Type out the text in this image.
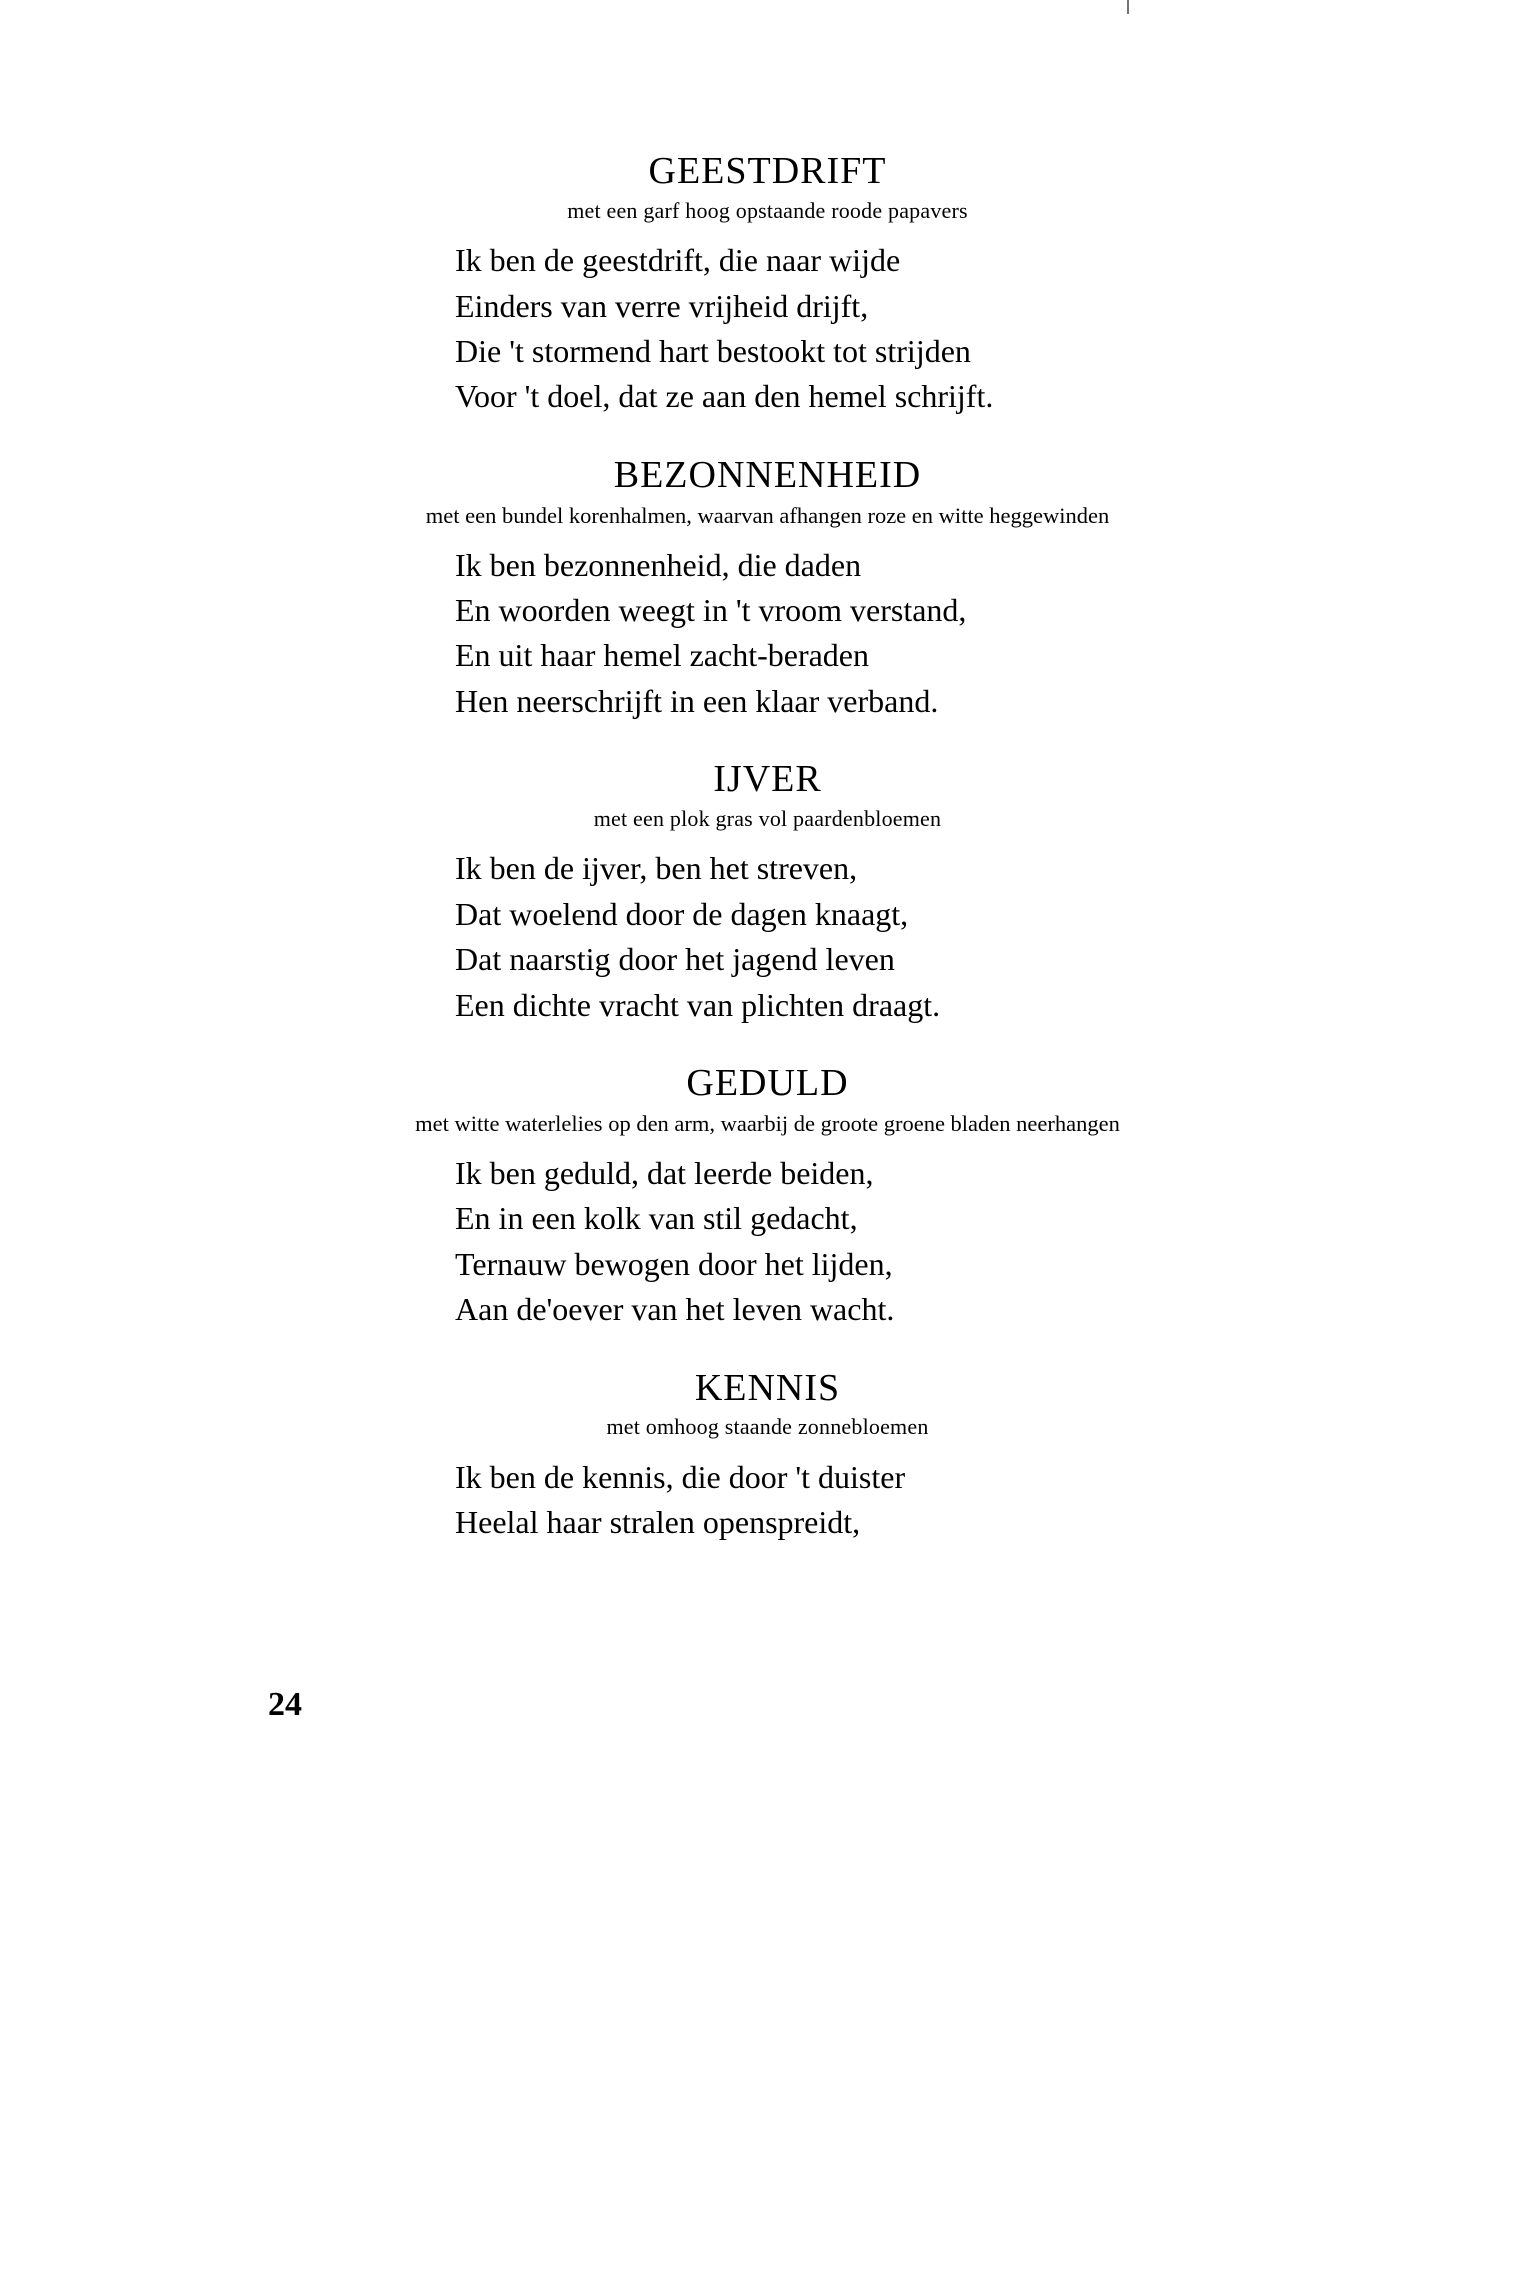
GEESTDRIFT
met een garf hoog opstaande roode papavers
Ik ben de geestdrift, die naar wijde
Einders van verre vrijheid drijft,
Die 't stormend hart bestookt tot strijden
Voor 't doel, dat ze aan den hemel schrijft.
BEZONNENHEID
met een bundel korenhalmen, waarvan afhangen roze en witte heggewinden
Ik ben bezonnenheid, die daden
En woorden weegt in 't vroom verstand,
En uit haar hemel zacht-beraden
Hen neerschrijft in een klaar verband.
IJVER
met een plok gras vol paardenbloemen
Ik ben de ijver, ben het streven,
Dat woelend door de dagen knaagt,
Dat naarstig door het jagend leven
Een dichte vracht van plichten draagt.
GEDULD
met witte waterlelies op den arm, waarbij de groote groene bladen neerhangen
Ik ben geduld, dat leerde beiden,
En in een kolk van stil gedacht,
Ternauw bewogen door het lijden,
Aan de'oever van het leven wacht.
KENNIS
met omhoog staande zonnebloemen
Ik ben de kennis, die door 't duister
Heelal haar stralen openspreidt,
24
